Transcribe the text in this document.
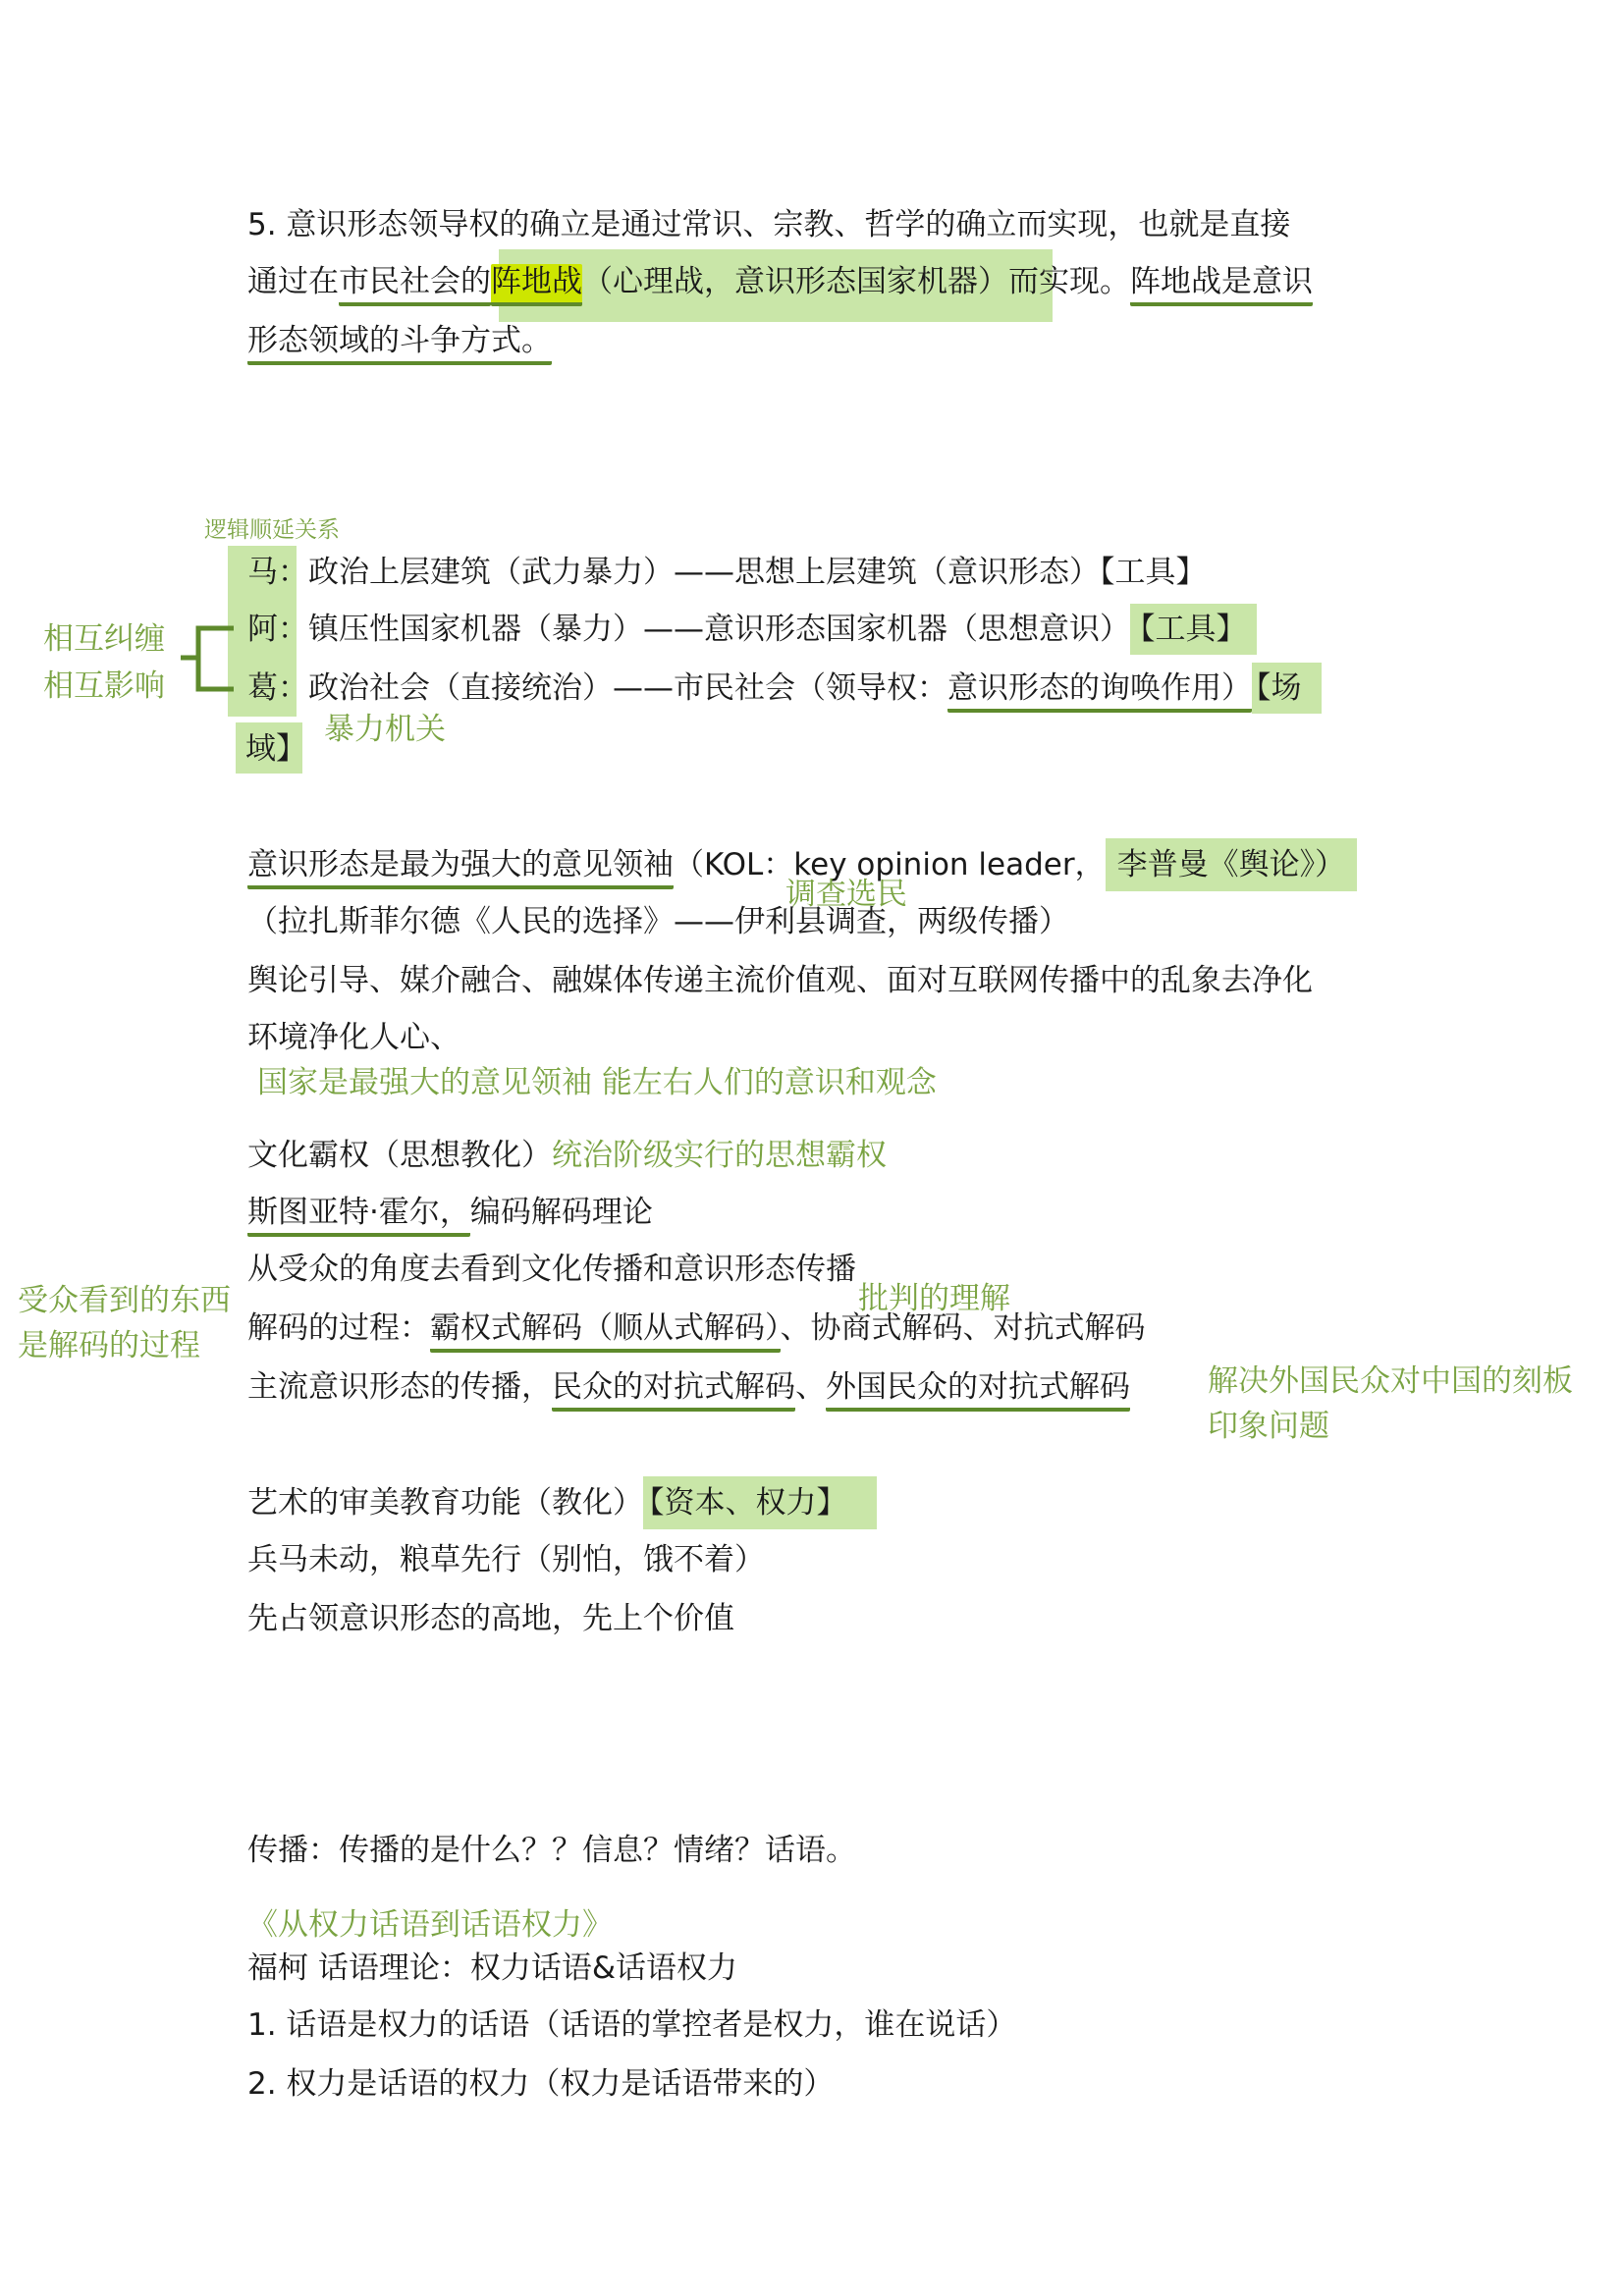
5. 意识形态领导权的确立是通过常识、宗教、哲学的确立而实现，也就是直接
通过在市民社会的阵地战（心理战，意识形态国家机器）而实现。阵地战是意识
形态领域的斗争方式。
逻辑顺延关系
马：政治上层建筑（武力暴力）——思想上层建筑（意识形态）【工具】
阿：镇压性国家机器（暴力）——意识形态国家机器（思想意识） 【工具】
葛：政治社会（直接统治）——市民社会（领导权：意识形态的询唤作用） 【场
域】
暴力机关
相互纠缠
相互影响
意识形态是最为强大的意见领袖（KOL：key opinion leader， 李普曼《舆论》）
调查选民
（拉扎斯菲尔德《人民的选择》——伊利县调查，两级传播）
舆论引导、媒介融合、融媒体传递主流价值观、面对互联网传播中的乱象去净化
环境净化人心、
国家是最强大的意见领袖 能左右人们的意识和观念
文化霸权（思想教化）统治阶级实行的思想霸权
斯图亚特·霍尔，编码解码理论
从受众的角度去看到文化传播和意识形态传播
受众看到的东西
是解码的过程
批判的理解
解码的过程：霸权式解码（顺从式解码）、协商式解码、对抗式解码
主流意识形态的传播，民众的对抗式解码、外国民众的对抗式解码	解决外国民众对中国的刻板
印象问题
艺术的审美教育功能（教化） 【资本、权力】
兵马未动，粮草先行（别怕，饿不着）
先占领意识形态的高地，先上个价值
传播：传播的是什么？？信息？情绪？话语。
《从权力话语到话语权力》
福柯 话语理论：权力话语&话语权力
1. 话语是权力的话语（话语的掌控者是权力，谁在说话）
2. 权力是话语的权力（权力是话语带来的）
